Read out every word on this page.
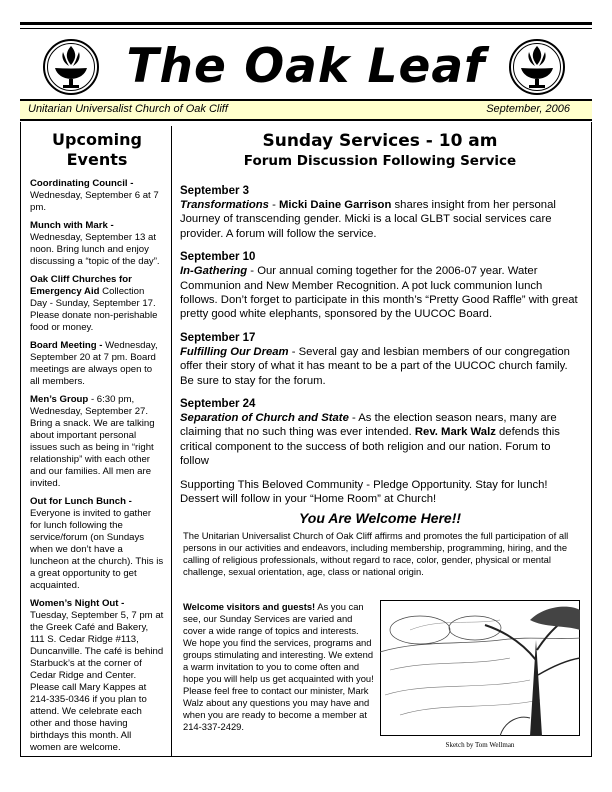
The Oak Leaf
Unitarian Universalist Church of Oak Cliff	September, 2006
Upcoming Events
Coordinating Council - Wednesday, September 6 at 7 pm.
Munch with Mark - Wednesday, September 13 at noon. Bring lunch and enjoy discussing a “topic of the day”.
Oak Cliff Churches for Emergency Aid Collection Day - Sunday, September 17. Please donate non-perishable food or money.
Board Meeting - Wednesday, September 20 at 7 pm. Board meetings are always open to all members.
Men’s Group - 6:30 pm, Wednesday, September 27. Bring a snack. We are talking about important personal issues such as being in “right relationship” with each other and our families. All men are invited.
Out for Lunch Bunch - Everyone is invited to gather for lunch following the service/forum (on Sundays when we don’t have a luncheon at the church). This is a great opportunity to get acquainted.
Women’s Night Out - Tuesday, September 5, 7 pm at the Greek Café and Bakery, 111 S. Cedar Ridge #113, Duncanville. The café is behind Starbuck’s at the corner of Cedar Ridge and Center. Please call Mary Kappes at 214-335-0346 if you plan to attend. We celebrate each other and those having birthdays this month. All women are welcome.
Sunday Services - 10 am
Forum Discussion Following Service
September 3

Transformations - Micki Daine Garrison shares insight from her personal Journey of transcending gender. Micki is a local GLBT social services care provider. A forum will follow the service.

September 10

In-Gathering - Our annual coming together for the 2006-07 year. Water Communion and New Member Recognition. A pot luck communion lunch follows. Don’t forget to participate in this month’s “Pretty Good Raffle” with great pretty good white elephants, sponsored by the UUCOC Board.

September 17

Fulfilling Our Dream - Several gay and lesbian members of our congregation offer their story of what it has meant to be a part of the UUCOC church family. Be sure to stay for the forum.

September 24

Separation of Church and State - As the election season nears, many are claiming that no such thing was ever intended. Rev. Mark Walz defends this critical component to the success of both religion and our nation. Forum to follow

Supporting This Beloved Community - Pledge Opportunity. Stay for lunch! Dessert will follow in your “Home Room” at Church!

You Are Welcome Here!!

The Unitarian Universalist Church of Oak Cliff affirms and promotes the full participation of all persons in our activities and endeavors, including membership, programming, hiring, and the calling of religious professionals, without regard to race, color, gender, physical or mental challenge, sexual orientation, age, class or national origin.

Welcome visitors and guests! As you can see, our Sunday Services are varied and cover a wide range of topics and interests. We hope you find the services, programs and groups stimulating and interesting. We extend a warm invitation to you to come often and hope you will help us get acquainted with you! Please feel free to contact our minister, Mark Walz about any questions you may have and when you are ready to become a member at 214-337-2429.

Sketch by Tom Wellman
